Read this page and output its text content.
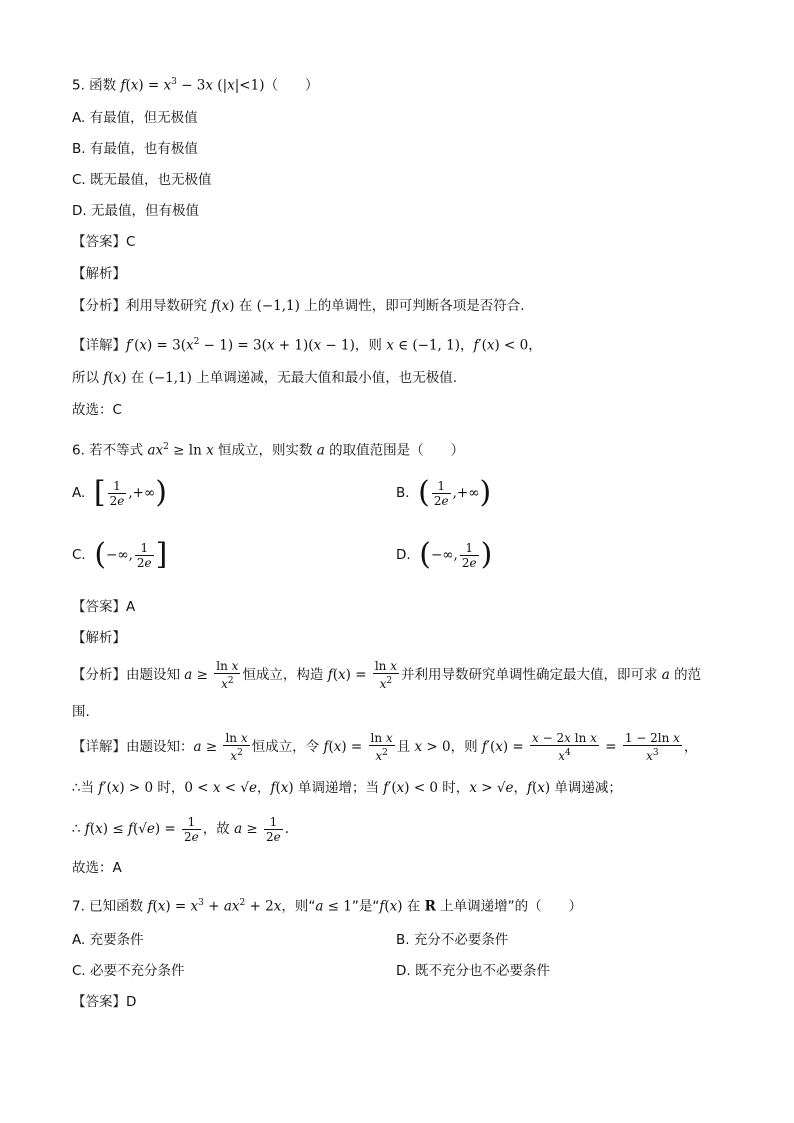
5. 函数 $f(x) = x^3 - 3x$ (|x|<1)（　　）
A. 有最值，但无极值
B. 有最值，也有极值
C. 既无最值，也无极值
D. 无最值，但有极值
【答案】C
【解析】
【分析】利用导数研究 f(x) 在 (−1,1) 上的单调性，即可判断各项是否符合.
【详解】$f'(x) = 3(x^2 - 1) = 3(x + 1)(x - 1)$，则 x ∈ (−1, 1)，f′(x) < 0，
所以 f(x) 在 (−1,1) 上单调递减，无最大值和最小值，也无极值.
故选：C
6. 若不等式 $ax^2 \ge \ln x$ 恒成立，则实数 a 的取值范围是（　　）
A. [ $\frac{1}{2e}$ ,+∞ )	B. ( $\frac{1}{2e}$ ,+∞ )
C. ( −∞, $\frac{1}{2e}$ ]	D. ( −∞, $\frac{1}{2e}$ )
【答案】A
【解析】
【分析】由题设知 $a \ge \frac{\text{ln x}}{x^2}$ 恒成立，构造 $f(x) = \frac{\text{ln x}}{x^2}$ 并利用导数研究单调性确定最大值，即可求 a 的范
围.
【详解】由题设知：$a \ge \frac{\text{ln x}}{x^2}$ 恒成立，令 $f(x) = \frac{\text{ln x}}{x^2}$ 且 x > 0，则 $f'(x) = \frac{\text{x − 2x ln x}}{x^4} = \frac{\text{1 − 2ln x}}{x^3}$ ，
∴当 f′(x) > 0 时，0 < x < √e，f(x) 单调递增；当 f′(x) < 0 时，x > √e，f(x) 单调递减；
∴ $f(x) \le f(√e) = \frac{1}{2e}$ ，故 $a \ge \frac{1}{2e}$ .
故选：A
7. 已知函数 $f(x) = x^3 + ax^2 + 2x$，则“a ≤ 1”是“f(x) 在 R 上单调递增”的（　　）
A. 充要条件	B. 充分不必要条件
C. 必要不充分条件	D. 既不充分也不必要条件
【答案】D
